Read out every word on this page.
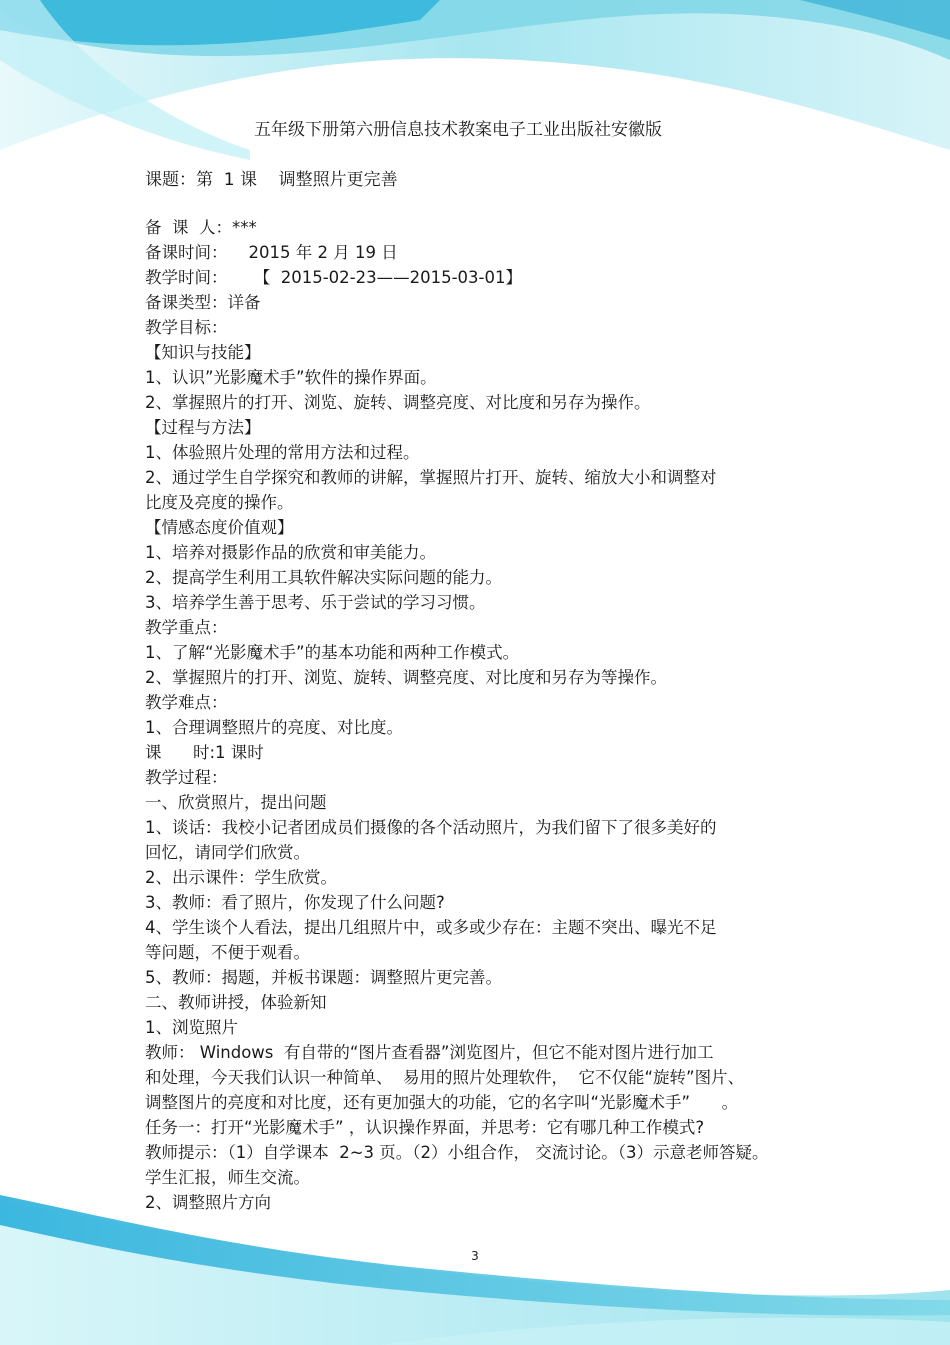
五年级下册第六册信息技术教案电子工业出版社安徽版
课题：第  1 课    调整照片更完善
备  课  人：***
备课时间：    2015 年 2 月 19 日
教学时间：     【  2015-02-23——2015-03-01】
备课类型：详备
教学目标：
【知识与技能】
1、认识”光影魔术手”软件的操作界面。
2、掌握照片的打开、浏览、旋转、调整亮度、对比度和另存为操作。
【过程与方法】
1、体验照片处理的常用方法和过程。
2、通过学生自学探究和教师的讲解，掌握照片打开、旋转、缩放大小和调整对
比度及亮度的操作。
【情感态度价值观】
1、培养对摄影作品的欣赏和审美能力。
2、提高学生利用工具软件解决实际问题的能力。
3、培养学生善于思考、乐于尝试的学习习惯。
教学重点：
1、了解“光影魔术手”的基本功能和两种工作模式。
2、掌握照片的打开、浏览、旋转、调整亮度、对比度和另存为等操作。
教学难点：
1、合理调整照片的亮度、对比度。
课      时:1 课时
教学过程：
一、欣赏照片，提出问题
1、谈话：我校小记者团成员们摄像的各个活动照片，为我们留下了很多美好的
回忆，请同学们欣赏。
2、出示课件：学生欣赏。
3、教师：看了照片，你发现了什么问题?
4、学生谈个人看法，提出几组照片中，或多或少存在：主题不突出、曝光不足
等问题，不便于观看。
5、教师：揭题，并板书课题：调整照片更完善。
二、教师讲授，体验新知
1、浏览照片
教师： Windows  有自带的“图片查看器”浏览图片，但它不能对图片进行加工
和处理，今天我们认识一种简单、  易用的照片处理软件，  它不仅能“旋转”图片、
调整图片的亮度和对比度，还有更加强大的功能，它的名字叫“光影魔术手”      。
任务一：打开“光影魔术手” ，认识操作界面，并思考：它有哪几种工作模式?
教师提示：（1）自学课本  2~3 页。（2）小组合作， 交流讨论。（3）示意老师答疑。
学生汇报，师生交流。
2、调整照片方向
3
